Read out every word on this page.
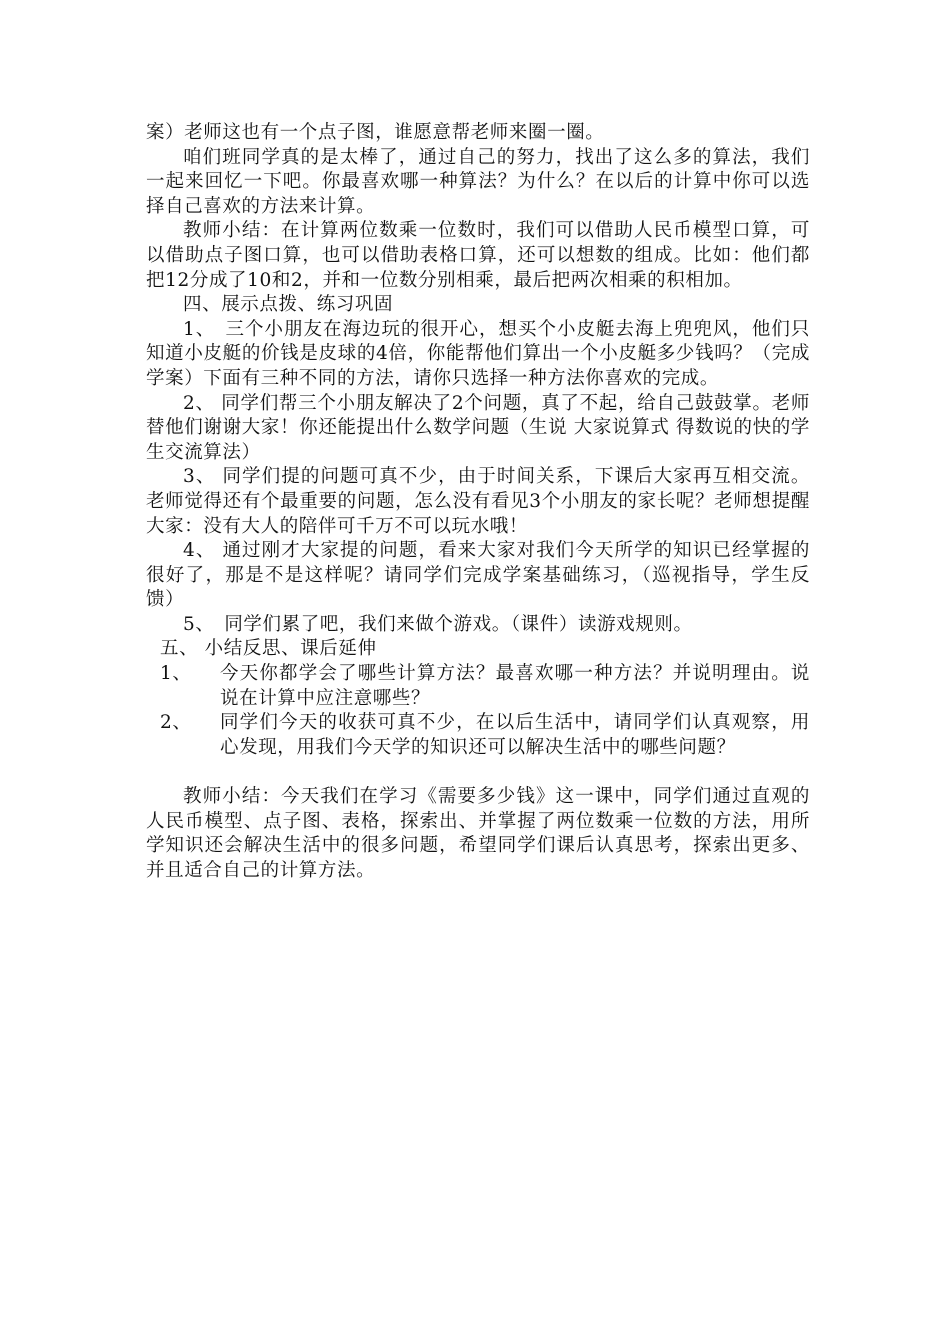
案）老师这也有一个点子图，谁愿意帮老师来圈一圈。

咱们班同学真的是太棒了，通过自己的努力，找出了这么多的算法，我们一起来回忆一下吧。你最喜欢哪一种算法？为什么？在以后的计算中你可以选择自己喜欢的方法来计算。

教师小结：在计算两位数乘一位数时，我们可以借助人民币模型口算，可以借助点子图口算，也可以借助表格口算，还可以想数的组成。比如：他们都把12分成了10和2，并和一位数分别相乘，最后把两次相乘的积相加。

四、展示点拨、练习巩固

1、　三个小朋友在海边玩的很开心，想买个小皮艇去海上兜兜风，他们只知道小皮艇的价钱是皮球的4倍，你能帮他们算出一个小皮艇多少钱吗？（完成学案）下面有三种不同的方法，请你只选择一种方法你喜欢的完成。

2、 同学们帮三个小朋友解决了2个问题，真了不起，给自己鼓鼓掌。老师替他们谢谢大家！你还能提出什么数学问题（生说 大家说算式 得数说的快的学生交流算法）

3、 同学们提的问题可真不少，由于时间关系，下课后大家再互相交流。老师觉得还有个最重要的问题，怎么没有看见3个小朋友的家长呢？老师想提醒大家：没有大人的陪伴可千万不可以玩水哦！

4、 通过刚才大家提的问题，看来大家对我们今天所学的知识已经掌握的很好了，那是不是这样呢？请同学们完成学案基础练习，（巡视指导，学生反馈）

5、　同学们累了吧，我们来做个游戏。（课件）读游戏规则。

五、 小结反思、课后延伸

1、	今天你都学会了哪些计算方法？最喜欢哪一种方法？并说明理由。说说在计算中应注意哪些？
2、	同学们今天的收获可真不少，在以后生活中，请同学们认真观察，用心发现，用我们今天学的知识还可以解决生活中的哪些问题？

教师小结：今天我们在学习《需要多少钱》这一课中，同学们通过直观的人民币模型、点子图、表格，探索出、并掌握了两位数乘一位数的方法，用所学知识还会解决生活中的很多问题，希望同学们课后认真思考，探索出更多、并且适合自己的计算方法。
